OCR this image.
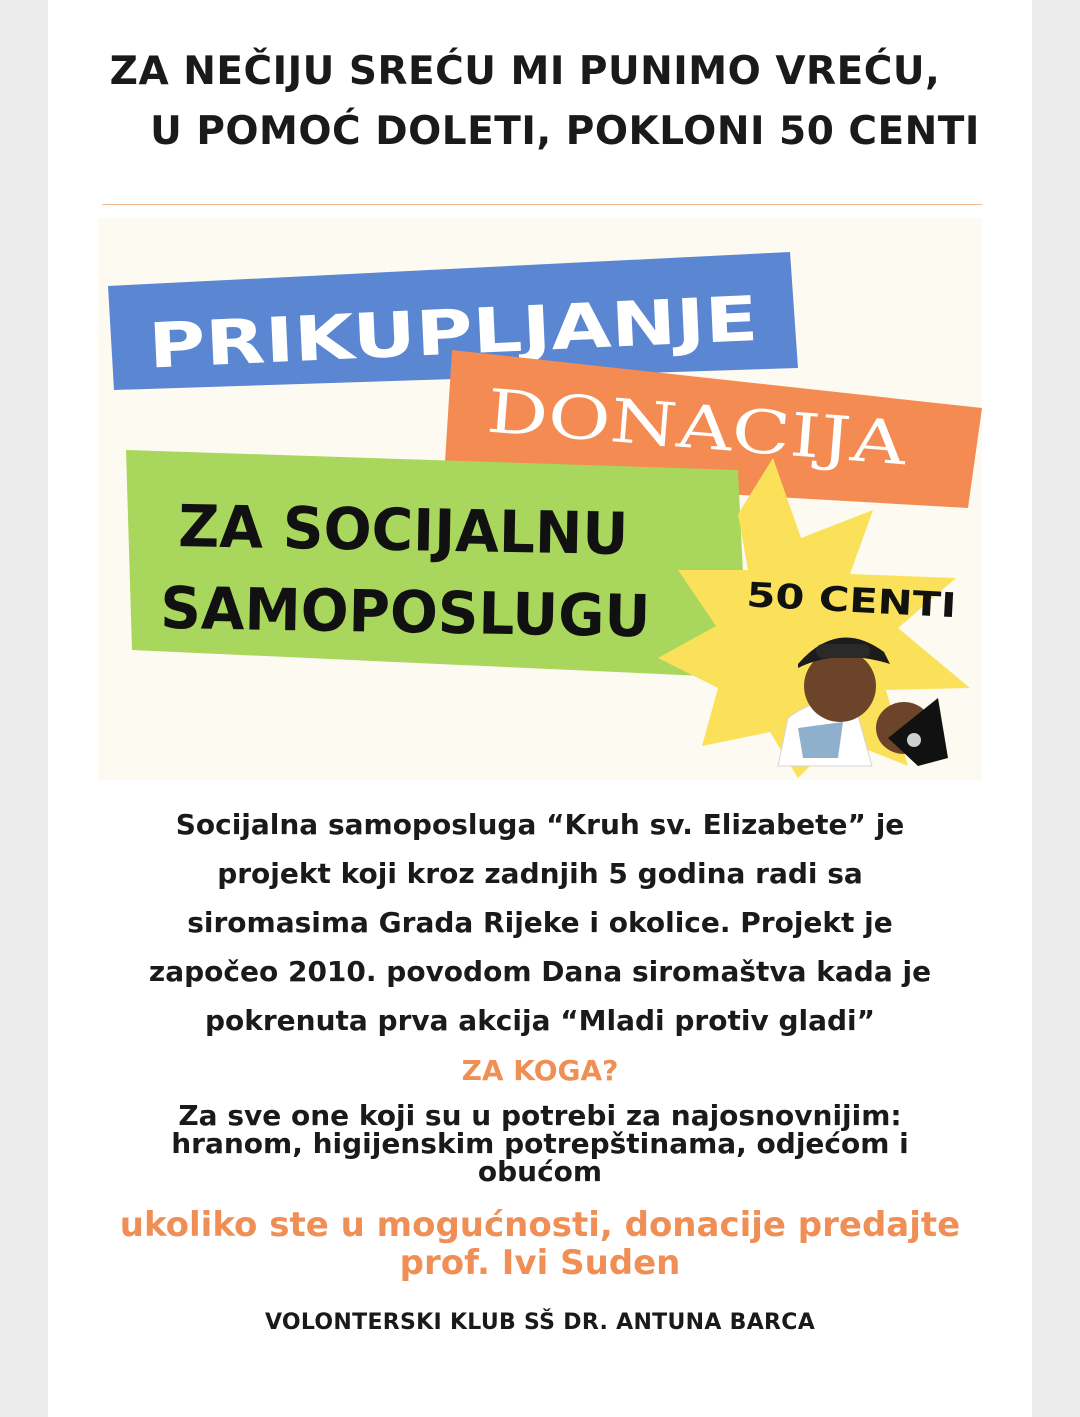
ZA NEČIJU SREĆU MI PUNIMO VREĆU,
U POMOĆ DOLETI, POKLONI 50 CENTI
PRIKUPLJANJE
DONACIJA
ZA SOCIJALNU
SAMOPOSLUGU 50 CENTI
Socijalna samoposluga “Kruh sv. Elizabete” je
projekt koji kroz zadnjih 5 godina radi sa
siromasima Grada Rijeke i okolice. Projekt je
započeo 2010. povodom Dana siromaštva kada je
pokrenuta prva akcija “Mladi protiv gladi”
ZA KOGA?
Za sve one koji su u potrebi za najosnovnijim:
hranom, higijenskim potrepštinama, odjećom i
obućom
ukoliko ste u mogućnosti, donacije predajte
prof. Ivi Suden
VOLONTERSKI KLUB SŠ DR. ANTUNA BARCA
